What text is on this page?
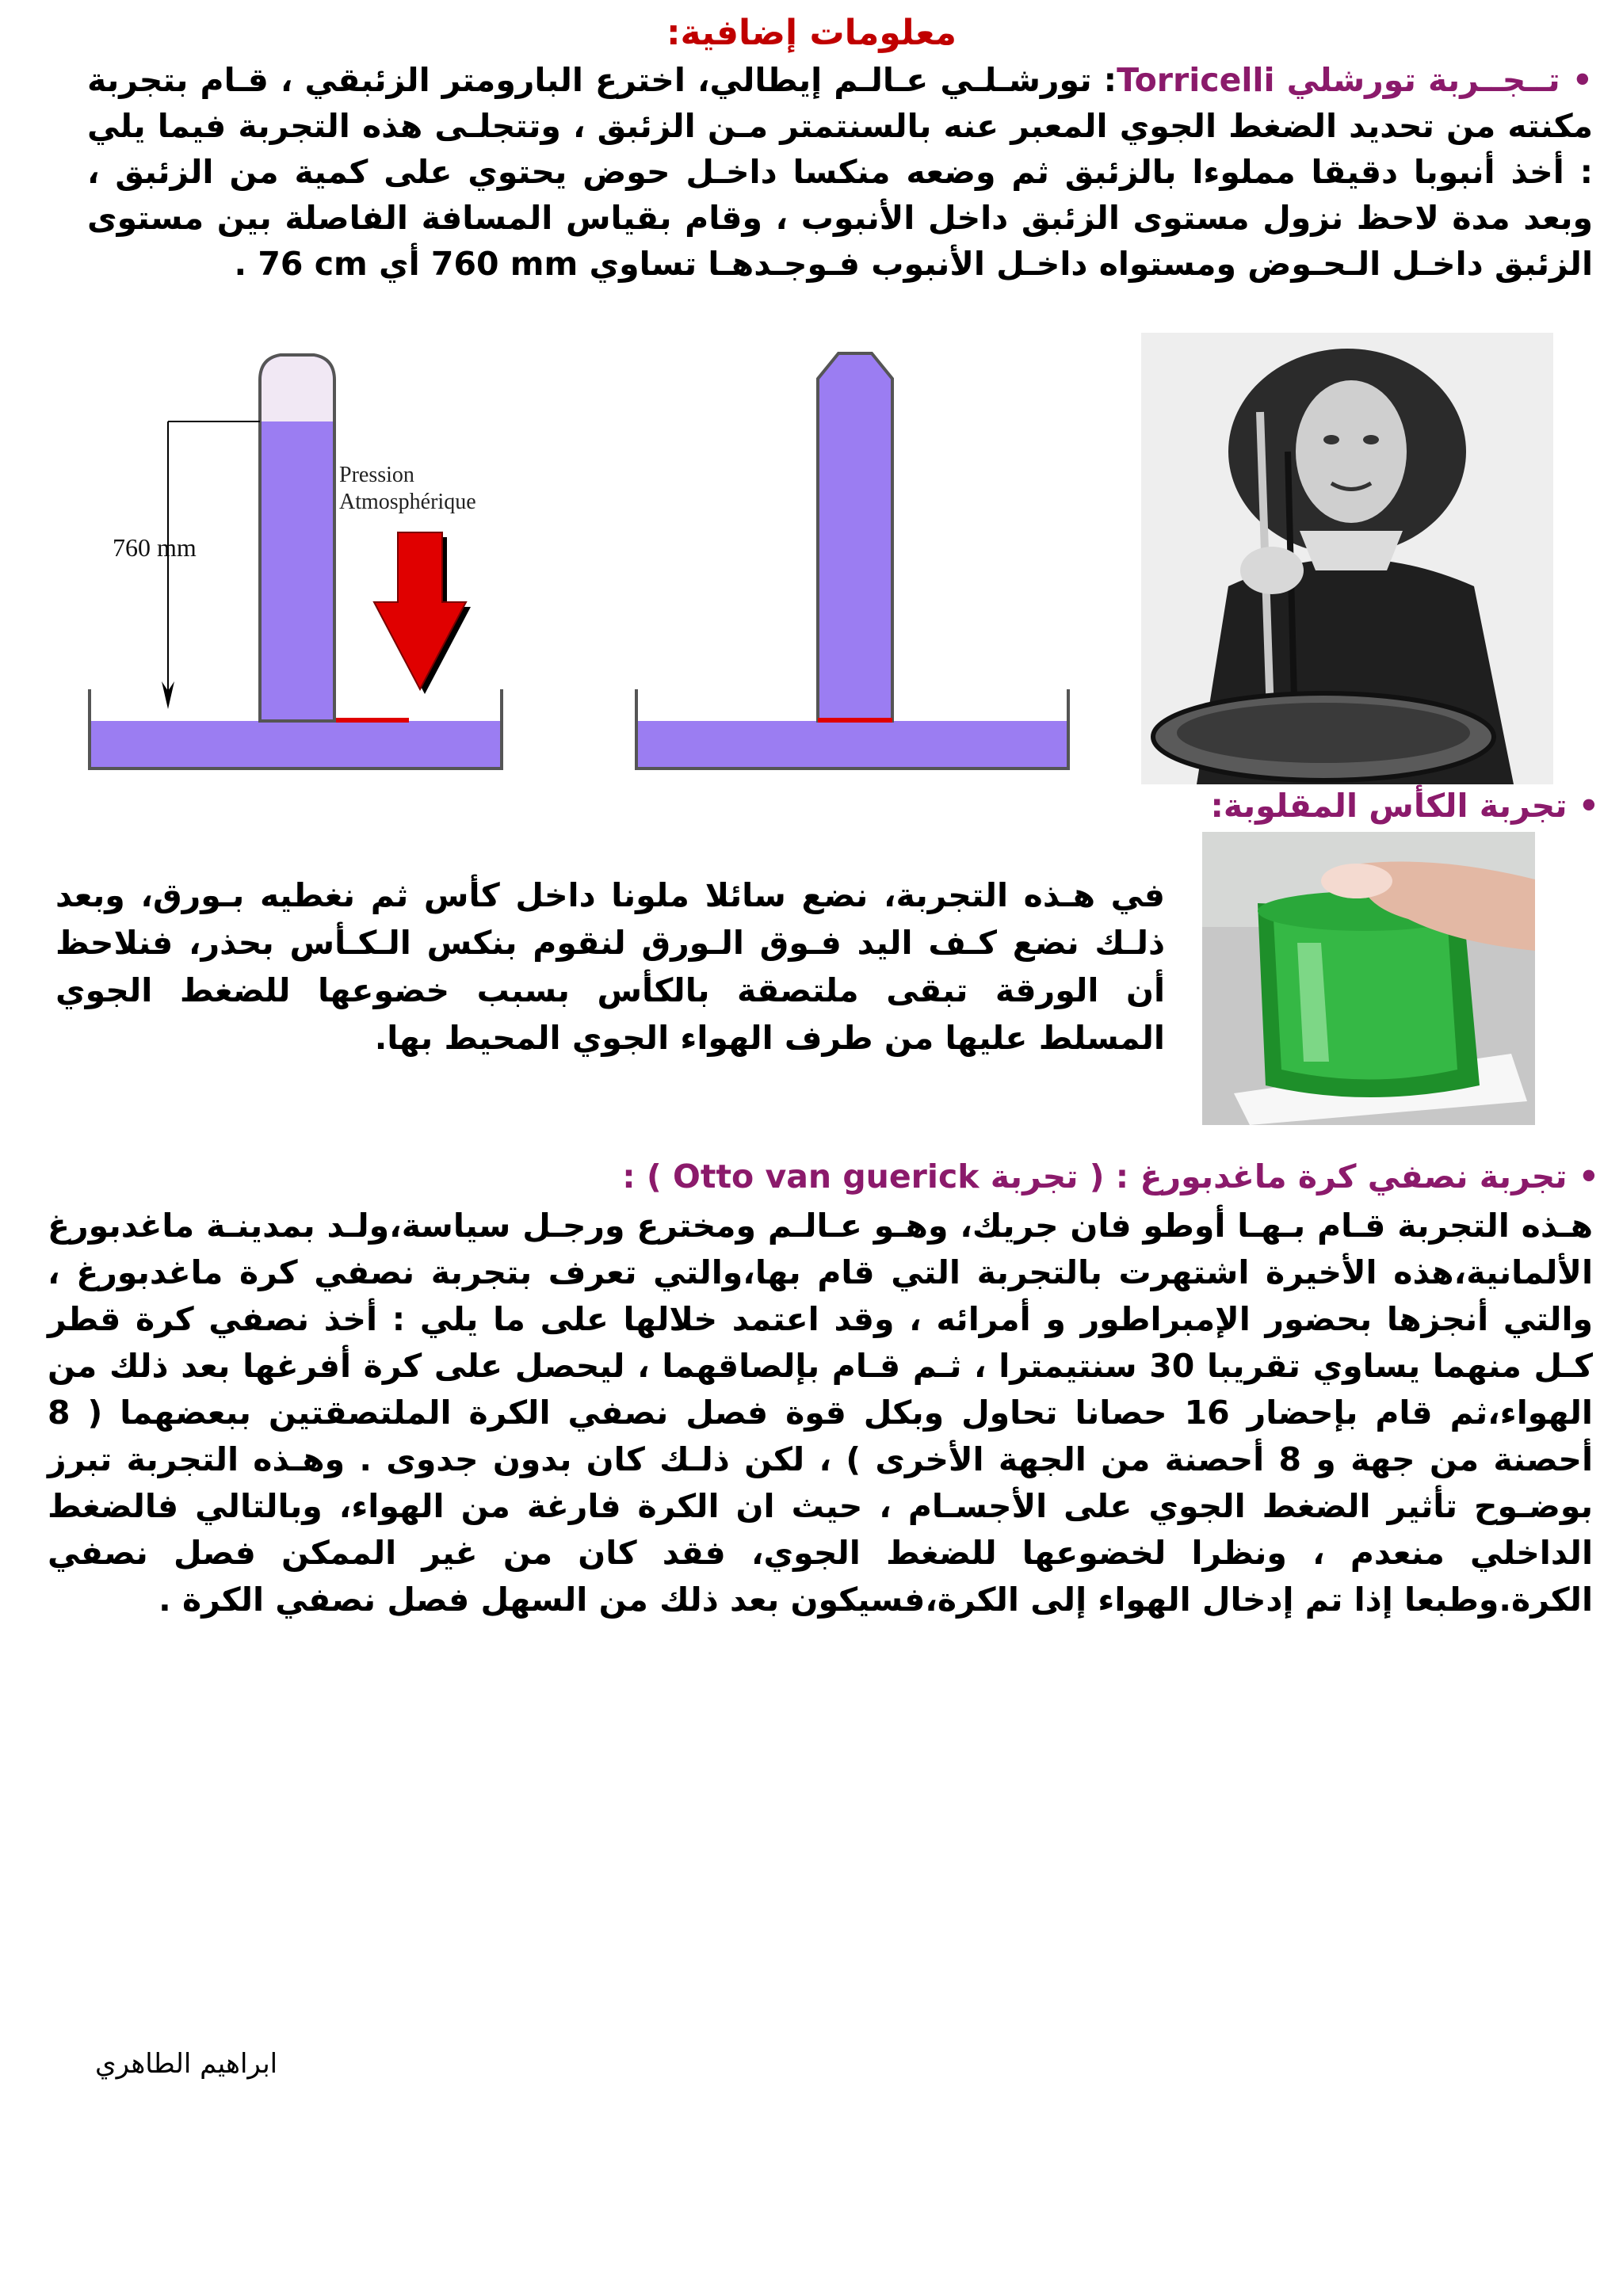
معلومات إضافية:

• تــجــربة تورشلي Torricelli: تورشـلـي عـالـم إيطالي، اخترع البارومتر الزئبقي ، قـام بتجربة مكنته من تحديد الضغط الجوي المعبر عنه بالسنتمتر مـن الزئبق ، وتتجلـى هذه التجربة فيما يلي : أخذ أنبوبا دقيقا مملوءا بالزئبق ثم وضعه منكسا داخـل حوض يحتوي على كمية من الزئبق ، وبعد مدة لاحظ نزول مستوى الزئبق داخل الأنبوب ، وقام بقياس المسافة الفاصلة بين مستوى الزئبق داخـل الـحـوض ومستواه داخـل الأنبوب فـوجـدهـا تساوي 760 mm أي 76 cm .

760 mm
Pression
Atmosphérique
• تجربة الكأس المقلوبة:

في هـذه التجربة، نضع سائلا ملونا داخل كأس ثم نغطيه بـورق، وبعد ذلـك نضع كـف اليد فـوق الـورق لنقوم بنكس الـكـأس بحذر، فنلاحظ أن الورقة تبقى ملتصقة بالكأس بسبب خضوعها للضغط الجوي المسلط عليها من طرف الهواء الجوي المحيط بها.

• تجربة نصفي كرة ماغدبورغ : ( تجربة Otto van guerick ) :

هـذه التجربة قـام بـهـا أوطو فان جريك، وهـو عـالـم ومخترع ورجـل سياسة،ولـد بمدينـة ماغدبورغ الألمانية،هذه الأخيرة اشتهرت بالتجربة التي قام بها،والتي تعرف بتجربة نصفي كرة ماغدبورغ ، والتي أنجزها بحضور الإمبراطور و أمرائه ، وقد اعتمد خلالها على ما يلي : أخذ نصفي كرة قطر كـل منهما يساوي تقريبا 30 سنتيمترا ، ثـم قـام بإلصاقهما ، ليحصل على كرة أفرغها بعد ذلك من الهواء،ثم قام بإحضار 16 حصانا تحاول وبكل قوة فصل نصفي الكرة الملتصقتين ببعضهما ( 8 أحصنة من جهة و 8 أحصنة من الجهة الأخرى ) ، لكن ذلـك كان بدون جدوى . وهـذه التجربة تبرز بوضـوح تأثير الضغط الجوي على الأجسـام ، حيث ان الكرة فارغة من الهواء، وبالتالي فالضغط الداخلي منعدم ، ونظرا لخضوعها للضغط الجوي، فقد كان من غير الممكن فصل نصفي الكرة.وطبعا إذا تم إدخال الهواء إلى الكرة،فسيكون بعد ذلك من السهل فصل نصفي الكرة .

ابراهيم الطاهري
